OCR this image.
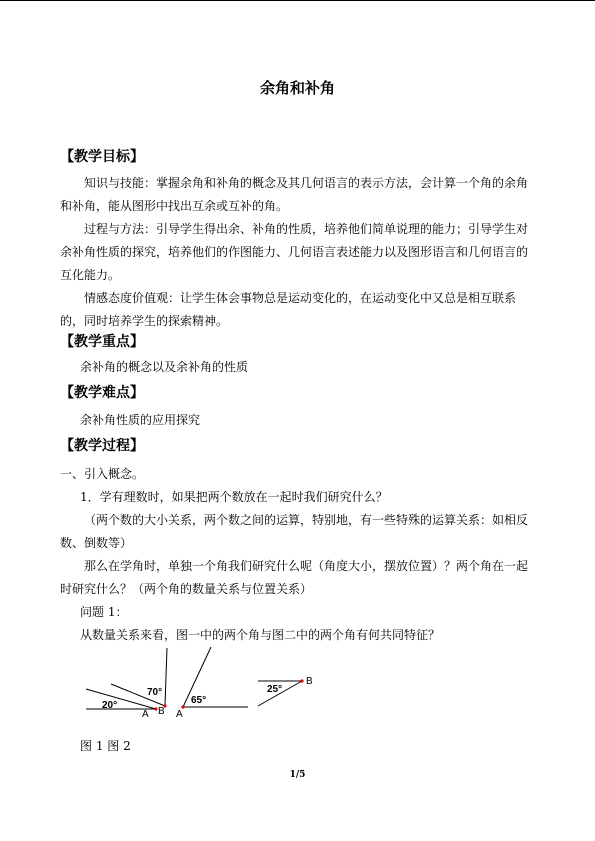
余角和补角
【教学目标】

知识与技能：掌握余角和补角的概念及其几何语言的表示方法，会计算一个角的余角和补角，能从图形中找出互余或互补的角。

过程与方法：引导学生得出余、补角的性质，培养他们简单说理的能力；引导学生对余补角性质的探究，培养他们的作图能力、几何语言表述能力以及图形语言和几何语言的互化能力。

情感态度价值观：让学生体会事物总是运动变化的，在运动变化中又总是相互联系的，同时培养学生的探索精神。

【教学重点】
余补角的概念以及余补角的性质
【教学难点】
余补角性质的应用探究
【教学过程】
一、引入概念。
1．学有理数时，如果把两个数放在一起时我们研究什么？

（两个数的大小关系，两个数之间的运算，特别地，有一些特殊的运算关系：如相反数、倒数等）

那么在学角时，单独一个角我们研究什么呢（角度大小，摆放位置）？两个角在一起时研究什么？（两个角的数量关系与位置关系）

问题 1：
从数量关系来看，图一中的两个角与图二中的两个角有何共同特征？
20°
70°
A B
65°
A
25°
B
图 1 图 2
1/5
